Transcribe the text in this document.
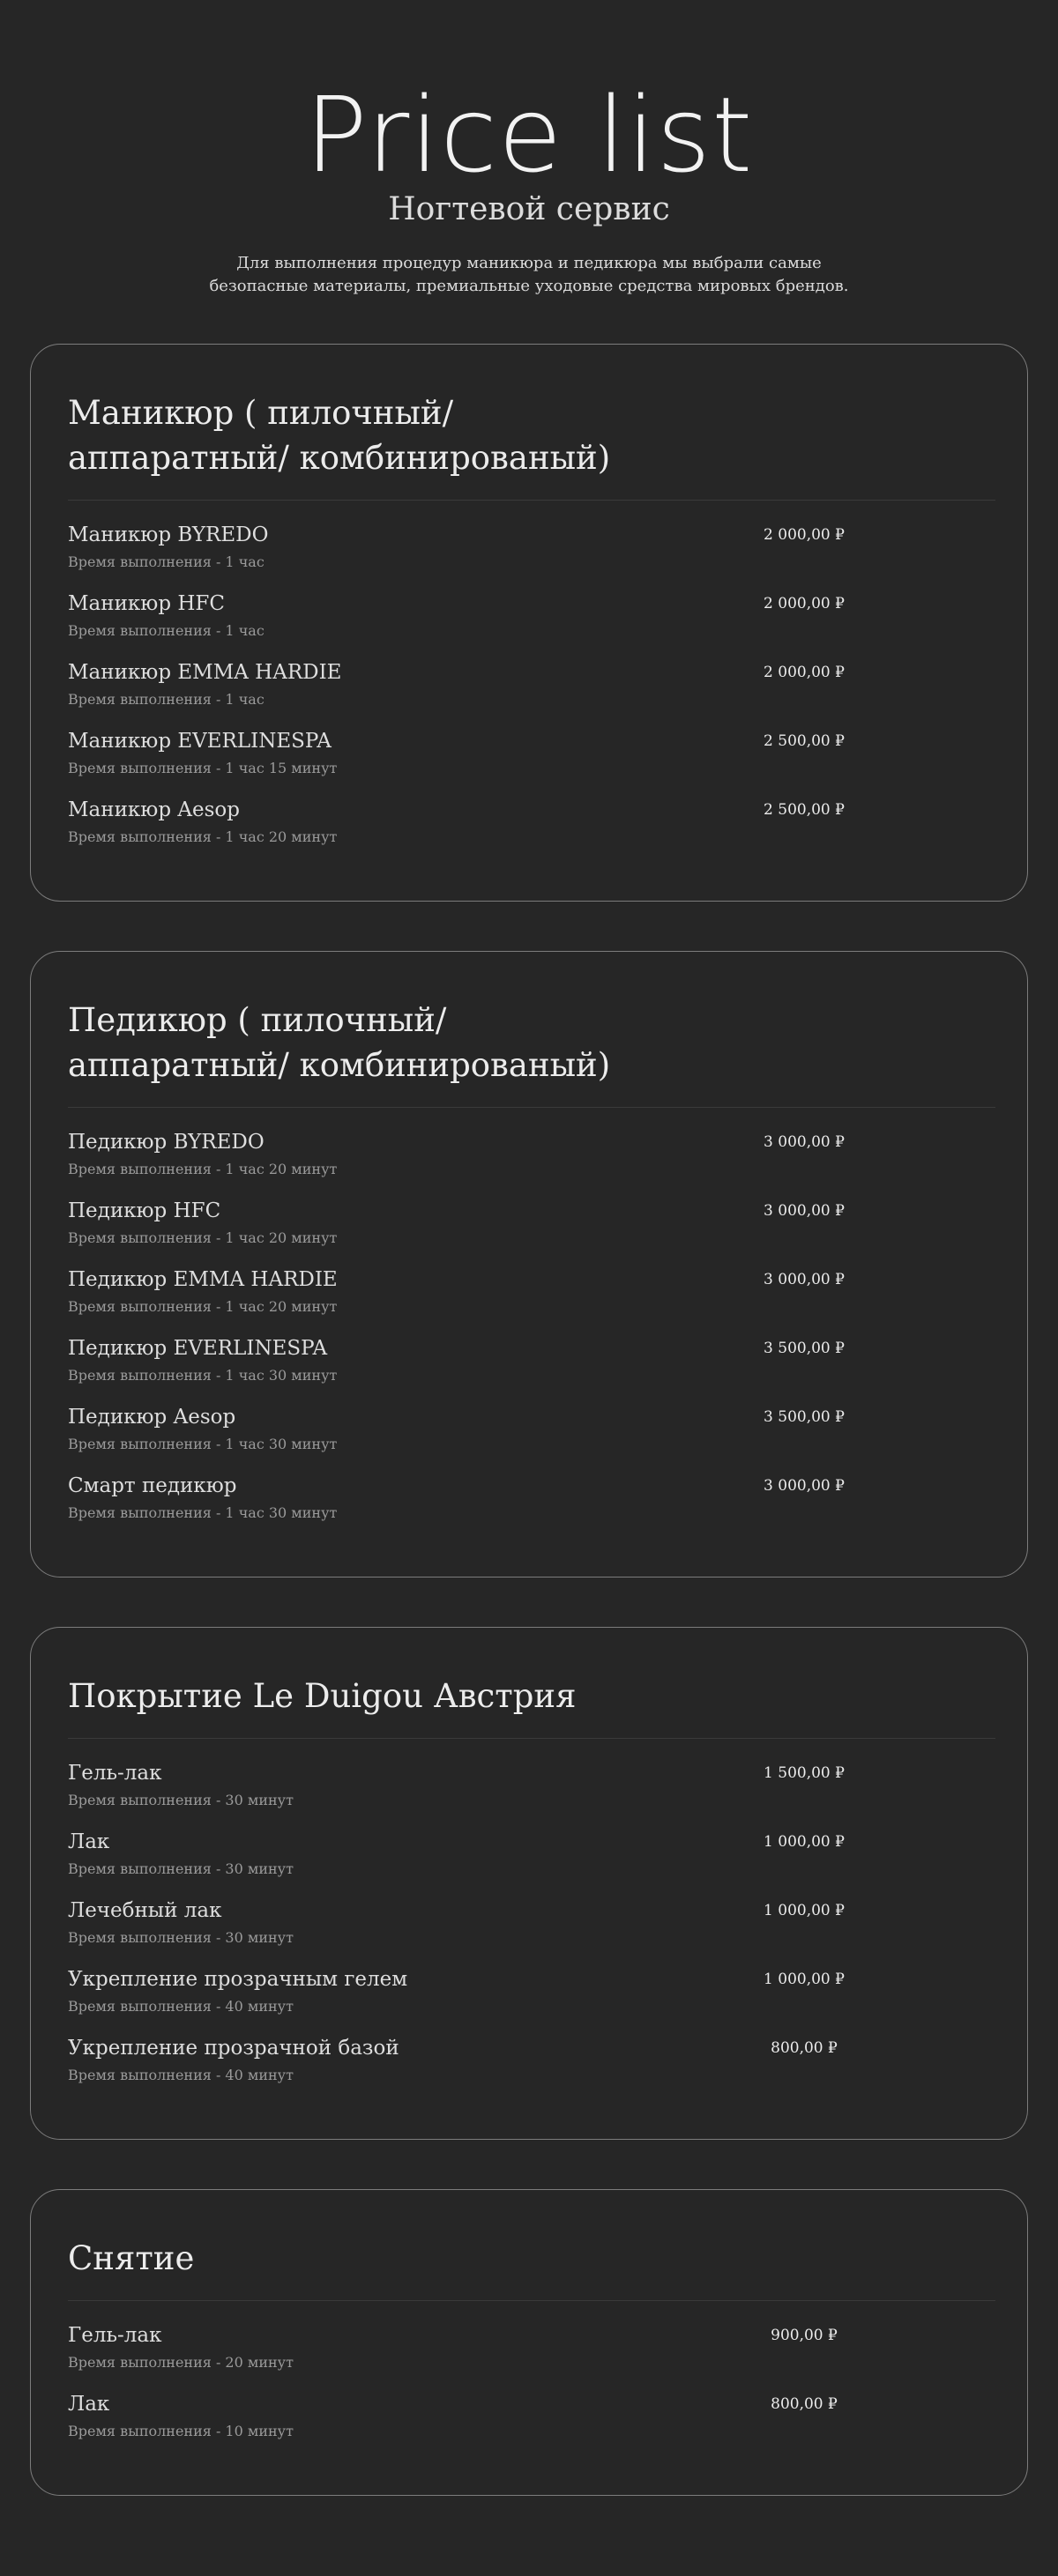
Price list
Ногтевой сервис
Для выполнения процедур маникюра и педикюра мы выбрали самые
безопасные материалы, премиальные уходовые средства мировых брендов.
Маникюр ( пилочный/
аппаратный/ комбинированый)
Маникюр BYREDO
Время выполнения - 1 час
2 000,00 ₽
Маникюр HFC
Время выполнения - 1 час
2 000,00 ₽
Маникюр EMMA HARDIE
Время выполнения - 1 час
2 000,00 ₽
Маникюр EVERLINESPA
Время выполнения - 1 час 15 минут
2 500,00 ₽
Маникюр Aesop
Время выполнения - 1 час 20 минут
2 500,00 ₽
Педикюр ( пилочный/
аппаратный/ комбинированый)
Педикюр BYREDO
Время выполнения - 1 час 20 минут
3 000,00 ₽
Педикюр HFC
Время выполнения - 1 час 20 минут
3 000,00 ₽
Педикюр EMMA HARDIE
Время выполнения - 1 час 20 минут
3 000,00 ₽
Педикюр EVERLINESPA
Время выполнения - 1 час 30 минут
3 500,00 ₽
Педикюр Aesop
Время выполнения - 1 час 30 минут
3 500,00 ₽
Смарт педикюр
Время выполнения - 1 час 30 минут
3 000,00 ₽
Покрытие Le Duigou Австрия
Гель-лак
Время выполнения - 30 минут
1 500,00 ₽
Лак
Время выполнения - 30 минут
1 000,00 ₽
Лечебный лак
Время выполнения - 30 минут
1 000,00 ₽
Укрепление прозрачным гелем
Время выполнения - 40 минут
1 000,00 ₽
Укрепление прозрачной базой
Время выполнения - 40 минут
800,00 ₽
Снятие
Гель-лак
Время выполнения - 20 минут
900,00 ₽
Лак
Время выполнения - 10 минут
800,00 ₽
